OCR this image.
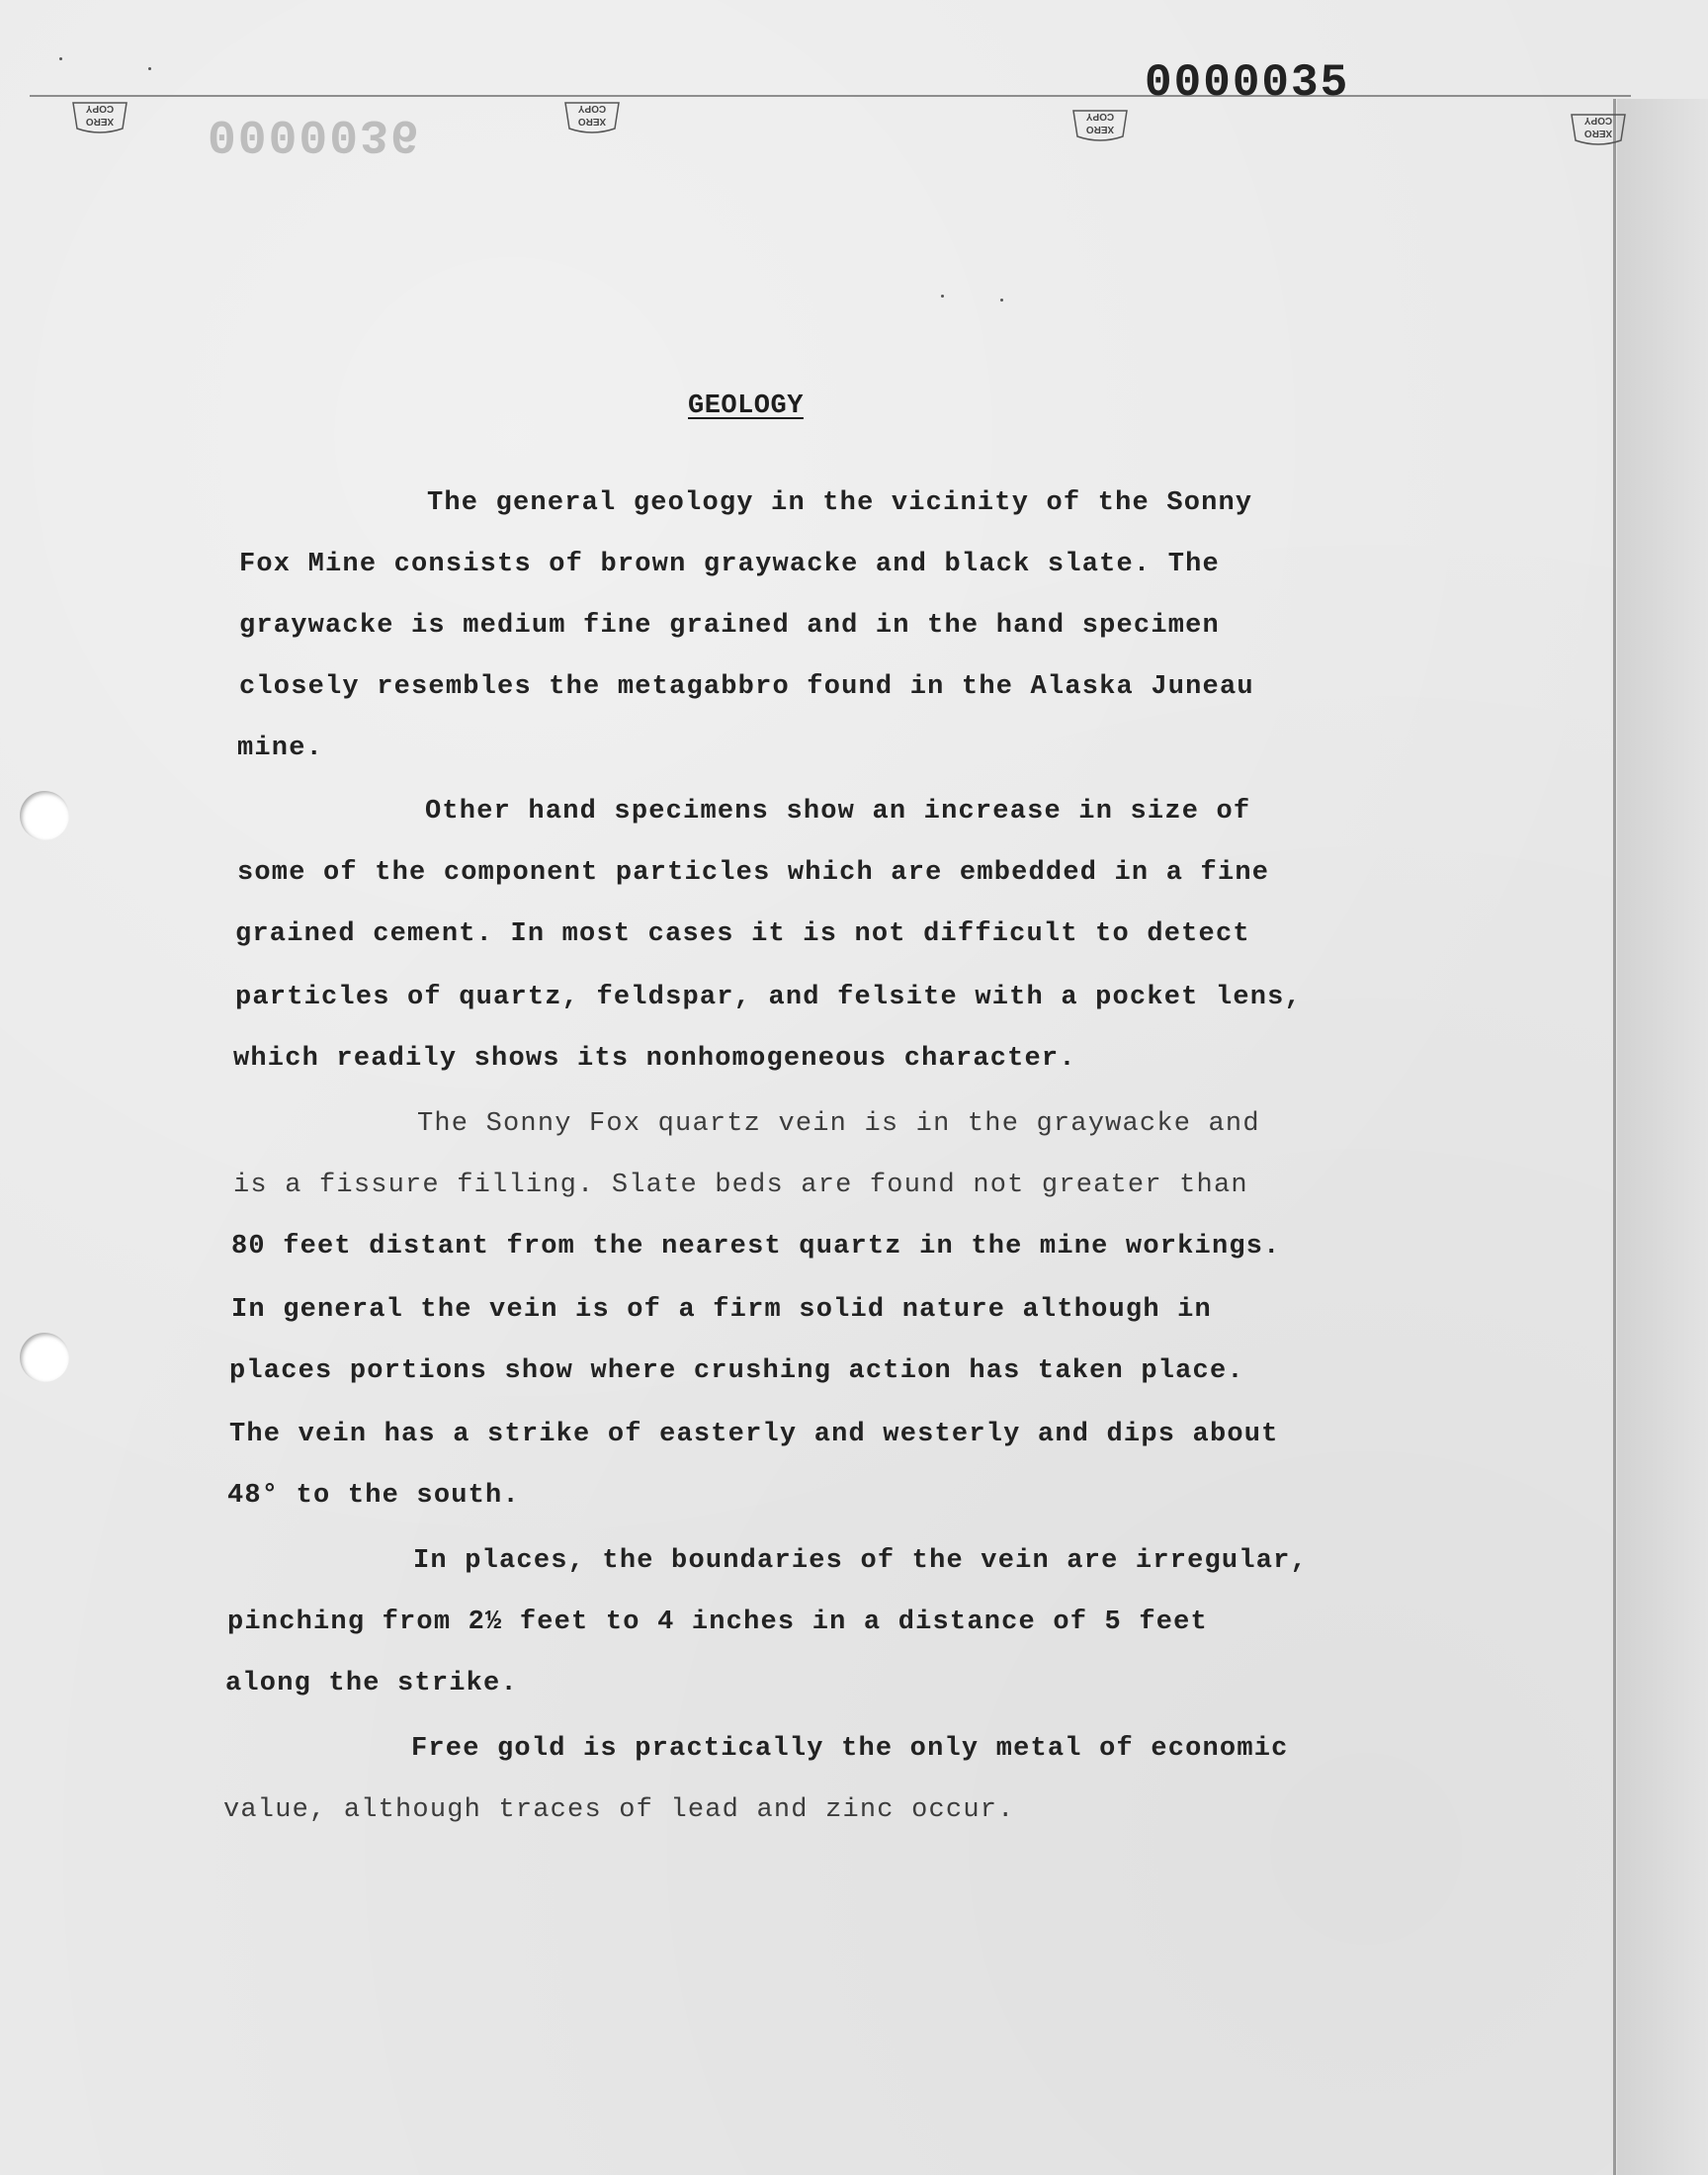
0000035
0000036
XERO
COPY
XERO
COPY
XERO
COPY
XERO
COPY
GEOLOGY
The general geology in the vicinity of the Sonny
Fox Mine consists of brown graywacke and black slate. The
graywacke is medium fine grained and in the hand specimen
closely resembles the metagabbro found in the Alaska Juneau
mine.
Other hand specimens show an increase in size of
some of the component particles which are embedded in a fine
grained cement. In most cases it is not difficult to detect
particles of quartz, feldspar, and felsite with a pocket lens,
which readily shows its nonhomogeneous character.
The Sonny Fox quartz vein is in the graywacke and
is a fissure filling. Slate beds are found not greater than
80 feet distant from the nearest quartz in the mine workings.
In general the vein is of a firm solid nature although in
places portions show where crushing action has taken place.
The vein has a strike of easterly and westerly and dips about
48° to the south.
In places, the boundaries of the vein are irregular,
pinching from 2½ feet to 4 inches in a distance of 5 feet
along the strike.
Free gold is practically the only metal of economic
value, although traces of lead and zinc occur.
